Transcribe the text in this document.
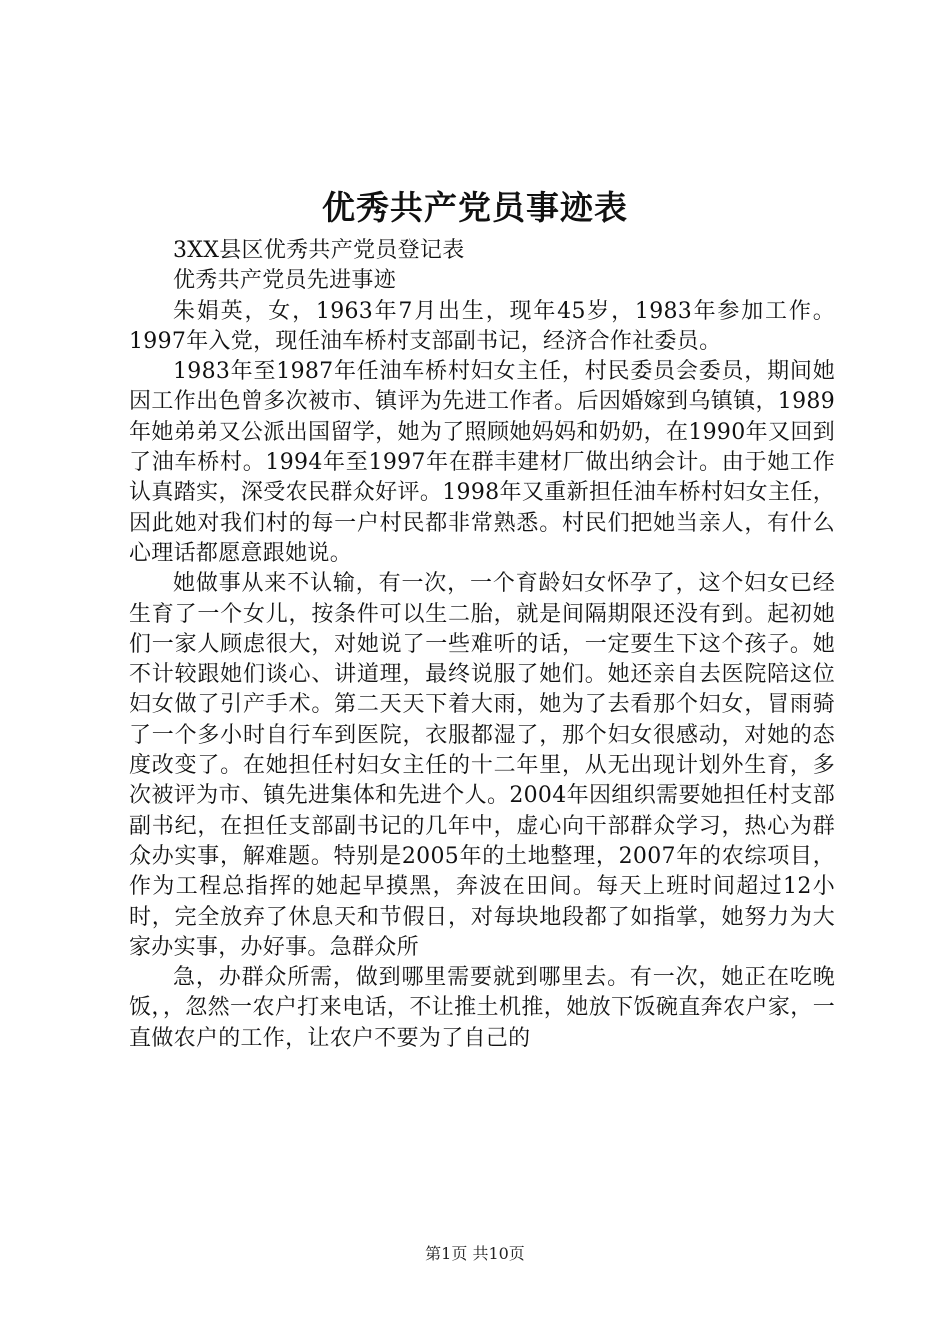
优秀共产党员事迹表

3XX县区优秀共产党员登记表

优秀共产党员先进事迹

朱娟英，女，1963年7月出生，现年45岁，1983年参加工作。1997年入党，现任油车桥村支部副书记，经济合作社委员。

1983年至1987年任油车桥村妇女主任，村民委员会委员，期间她因工作出色曾多次被市、镇评为先进工作者。后因婚嫁到乌镇镇，1989年她弟弟又公派出国留学，她为了照顾她妈妈和奶奶，在1990年又回到了油车桥村。1994年至1997年在群丰建材厂做出纳会计。由于她工作认真踏实，深受农民群众好评。1998年又重新担任油车桥村妇女主任，因此她对我们村的每一户村民都非常熟悉。村民们把她当亲人，有什么心理话都愿意跟她说。

她做事从来不认输，有一次，一个育龄妇女怀孕了，这个妇女已经生育了一个女儿，按条件可以生二胎，就是间隔期限还没有到。起初她们一家人顾虑很大，对她说了一些难听的话，一定要生下这个孩子。她不计较跟她们谈心、讲道理，最终说服了她们。她还亲自去医院陪这位妇女做了引产手术。第二天天下着大雨，她为了去看那个妇女，冒雨骑了一个多小时自行车到医院，衣服都湿了，那个妇女很感动，对她的态度改变了。在她担任村妇女主任的十二年里，从无出现计划外生育，多次被评为市、镇先进集体和先进个人。2004年因组织需要她担任村支部副书纪，在担任支部副书记的几年中，虚心向干部群众学习，热心为群众办实事，解难题。特别是2005年的土地整理，2007年的农综项目，作为工程总指挥的她起早摸黑，奔波在田间。每天上班时间超过12小时，完全放弃了休息天和节假日，对每块地段都了如指掌，她努力为大家办实事，办好事。急群众所

急，办群众所需，做到哪里需要就到哪里去。有一次，她正在吃晚饭，，忽然一农户打来电话，不让推土机推，她放下饭碗直奔农户家，一直做农户的工作，让农户不要为了自己的

第1页 共10页
